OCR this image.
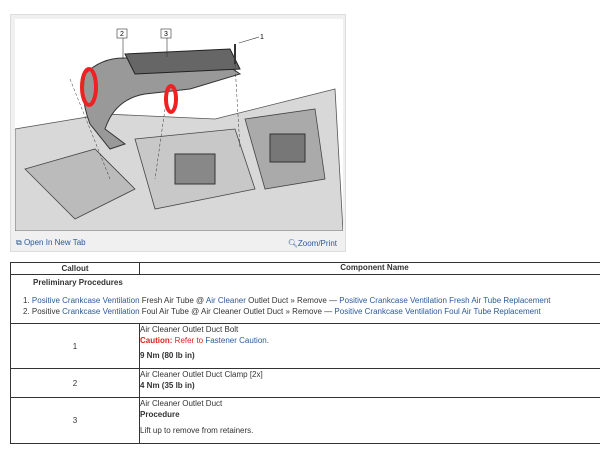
2	3	1
⧉ Open In New Tab	🔍︎Zoom/Print
Callout	Component Name

Preliminary Procedures
1. Positive Crankcase Ventilation Fresh Air Tube @ Air Cleaner Outlet Duct » Remove — Positive Crankcase Ventilation Fresh Air Tube Replacement
2. Positive Crankcase Ventilation Foul Air Tube @ Air Cleaner Outlet Duct » Remove — Positive Crankcase Ventilation Foul Air Tube Replacement	

1	Air Cleaner Outlet Duct Bolt
Caution: Refer to Fastener Caution.
9 Nm (80 lb in)

2	Air Cleaner Outlet Duct Clamp [2x]
4 Nm (35 lb in)

3	Air Cleaner Outlet Duct
Procedure
Lift up to remove from retainers.
